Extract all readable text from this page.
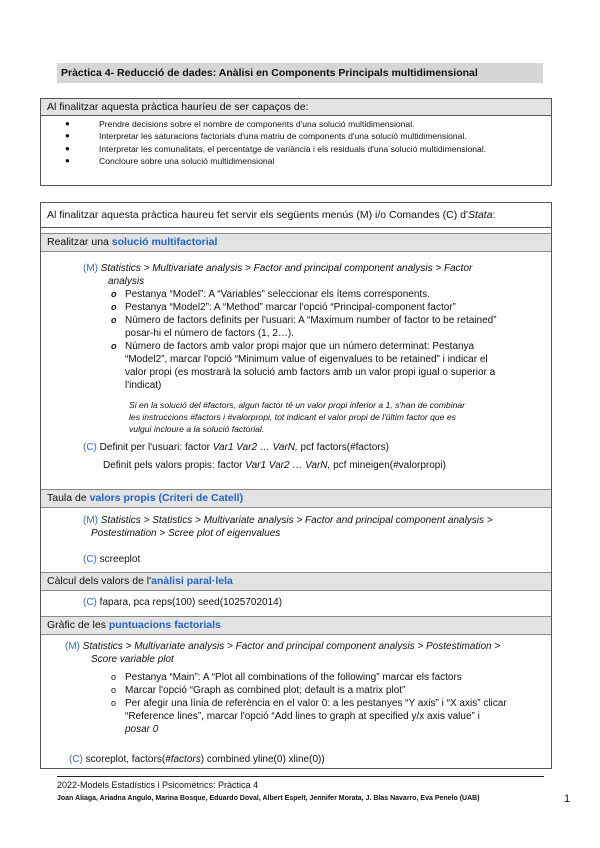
Pràctica 4- Reducció de dades: Anàlisi en Components Principals multidimensional
Al finalitzar aquesta pràctica hauríeu de ser capaços de:
●	Prendre decisions sobre el nombre de components d'una solució multidimensional.
●	Interpretar les saturacions factorials d'una matriu de components d'una solució multidimensional.
●	Interpretar les comunalitats, el percentatge de variància i els residuals d'una solució multidimensional.
●	Concloure sobre una solució multidimensional
Al finalitzar aquesta pràctica haureu fet servir els següents menús (M) i/o Comandes (C) d'Stata:
Realitzar una solució multifactorial
(M) Statistics > Multivariate analysis > Factor and principal component analysis > Factor
analysis
o Pestanya “Model”: A “Variables” seleccionar els ítems corresponents.
o Pestanya “Model2”: A “Method” marcar l'opció “Principal-component factor”
o Número de factors definits per l'usuari: A “Maximum number of factor to be retained”
posar-hi el número de factors (1, 2…).
o Número de factors amb valor propi major que un número determinat: Pestanya
“Model2”, marcar l'opció “Minimum value of eigenvalues to be retained” i indicar el
valor propi (es mostrarà la solució amb factors amb un valor propi igual o superior a
l'indicat)
Si en la solució del #factors, algun factor té un valor propi inferior a 1, s'han de combinar
les instruccions #factors i #valorpropi, tot indicant el valor propi de l'últim factor que es
vulgui incloure a la solució factorial.
(C) Definit per l'usuari: factor Var1 Var2 … VarN, pcf factors(#factors)
Definit pels valors propis: factor Var1 Var2 … VarN, pcf mineigen(#valorpropi)
Taula de valors propis (Criteri de Catell)
(M) Statistics > Statistics > Multivariate analysis > Factor and principal component analysis >
Postestimation > Scree plot of eigenvalues
(C) screeplot
Càlcul dels valors de l'anàlisi paral·lela
(C) fapara, pca reps(100) seed(1025702014)
Gràfic de les puntuacions factorials
(M) Statistics > Multivariate analysis > Factor and principal component analysis > Postestimation >
Score variable plot
o Pestanya “Main”: A “Plot all combinations of the following” marcar els factors
o Marcar l'opció “Graph as combined plot; default is a matrix plot”
o Per afegir una línia de referència en el valor 0: a les pestanyes “Y axis” i “X axis” clicar
“Reference lines”, marcar l'opció “Add lines to graph at specified y/x axis value” i
posar 0
(C) scoreplot, factors(#factors) combined yline(0) xline(0))
2022-Models Estadístics i Psicomètrics: Pràctica 4
Joan Aliaga, Ariadna Angulo, Marina Bosque, Eduardo Doval, Albert Espelt, Jennifer Morata, J. Blas Navarro, Eva Penelo (UAB)	1
